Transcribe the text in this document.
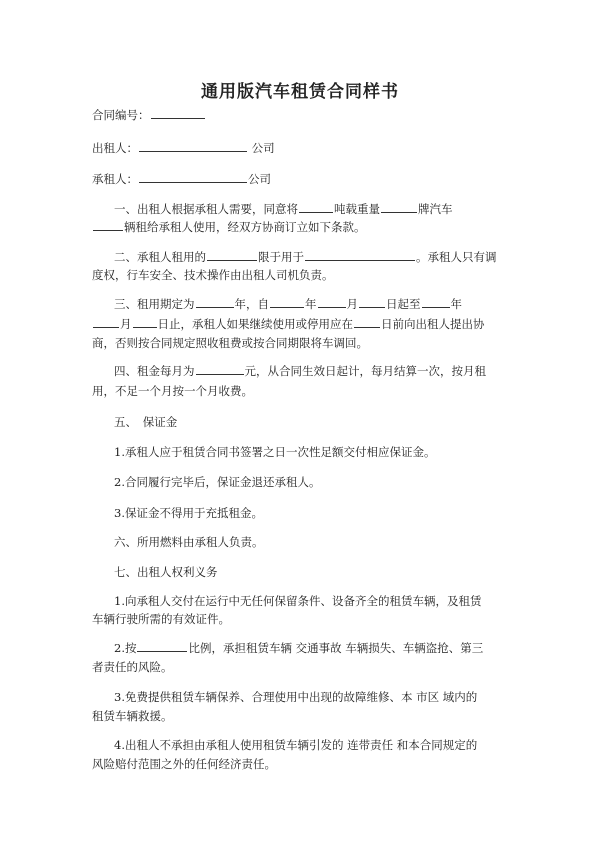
通用版汽车租赁合同样书
合同编号：
出租人：	公司
承租人：	公司
一、出租人根据承租人需要，同意将	吨载重量	牌汽车
辆租给承租人使用，经双方协商订立如下条款。
二、承租人租用的	限于用于	。承租人只有调
度权，行车安全、技术操作由出租人司机负责。
三、租用期定为	年，自	年	月 日起至	年
月 日止，承租人如果继续使用或停用应在 日前向出租人提出协
商，否则按合同规定照收租费或按合同期限将车调回。
四、租金每月为	元，从合同生效日起计，每月结算一次，按月租
用，不足一个月按一个月收费。
五、　保证金
1.承租人应于租赁合同书签署之日一次性足额交付相应保证金。
2.合同履行完毕后，保证金退还承租人。
3.保证金不得用于充抵租金。
六、所用燃料由承租人负责。
七、出租人权利义务
1.向承租人交付在运行中无任何保留条件、设备齐全的租赁车辆，及租赁
车辆行驶所需的有效证件。
2.按	比例，承担租赁车辆 交通事故 车辆损失、车辆盗抢、第三
者责任的风险。
3.免费提供租赁车辆保养、合理使用中出现的故障维修、本 市区 域内的
租赁车辆救援。
4.出租人不承担由承租人使用租赁车辆引发的 连带责任 和本合同规定的
风险赔付范围之外的任何经济责任。
